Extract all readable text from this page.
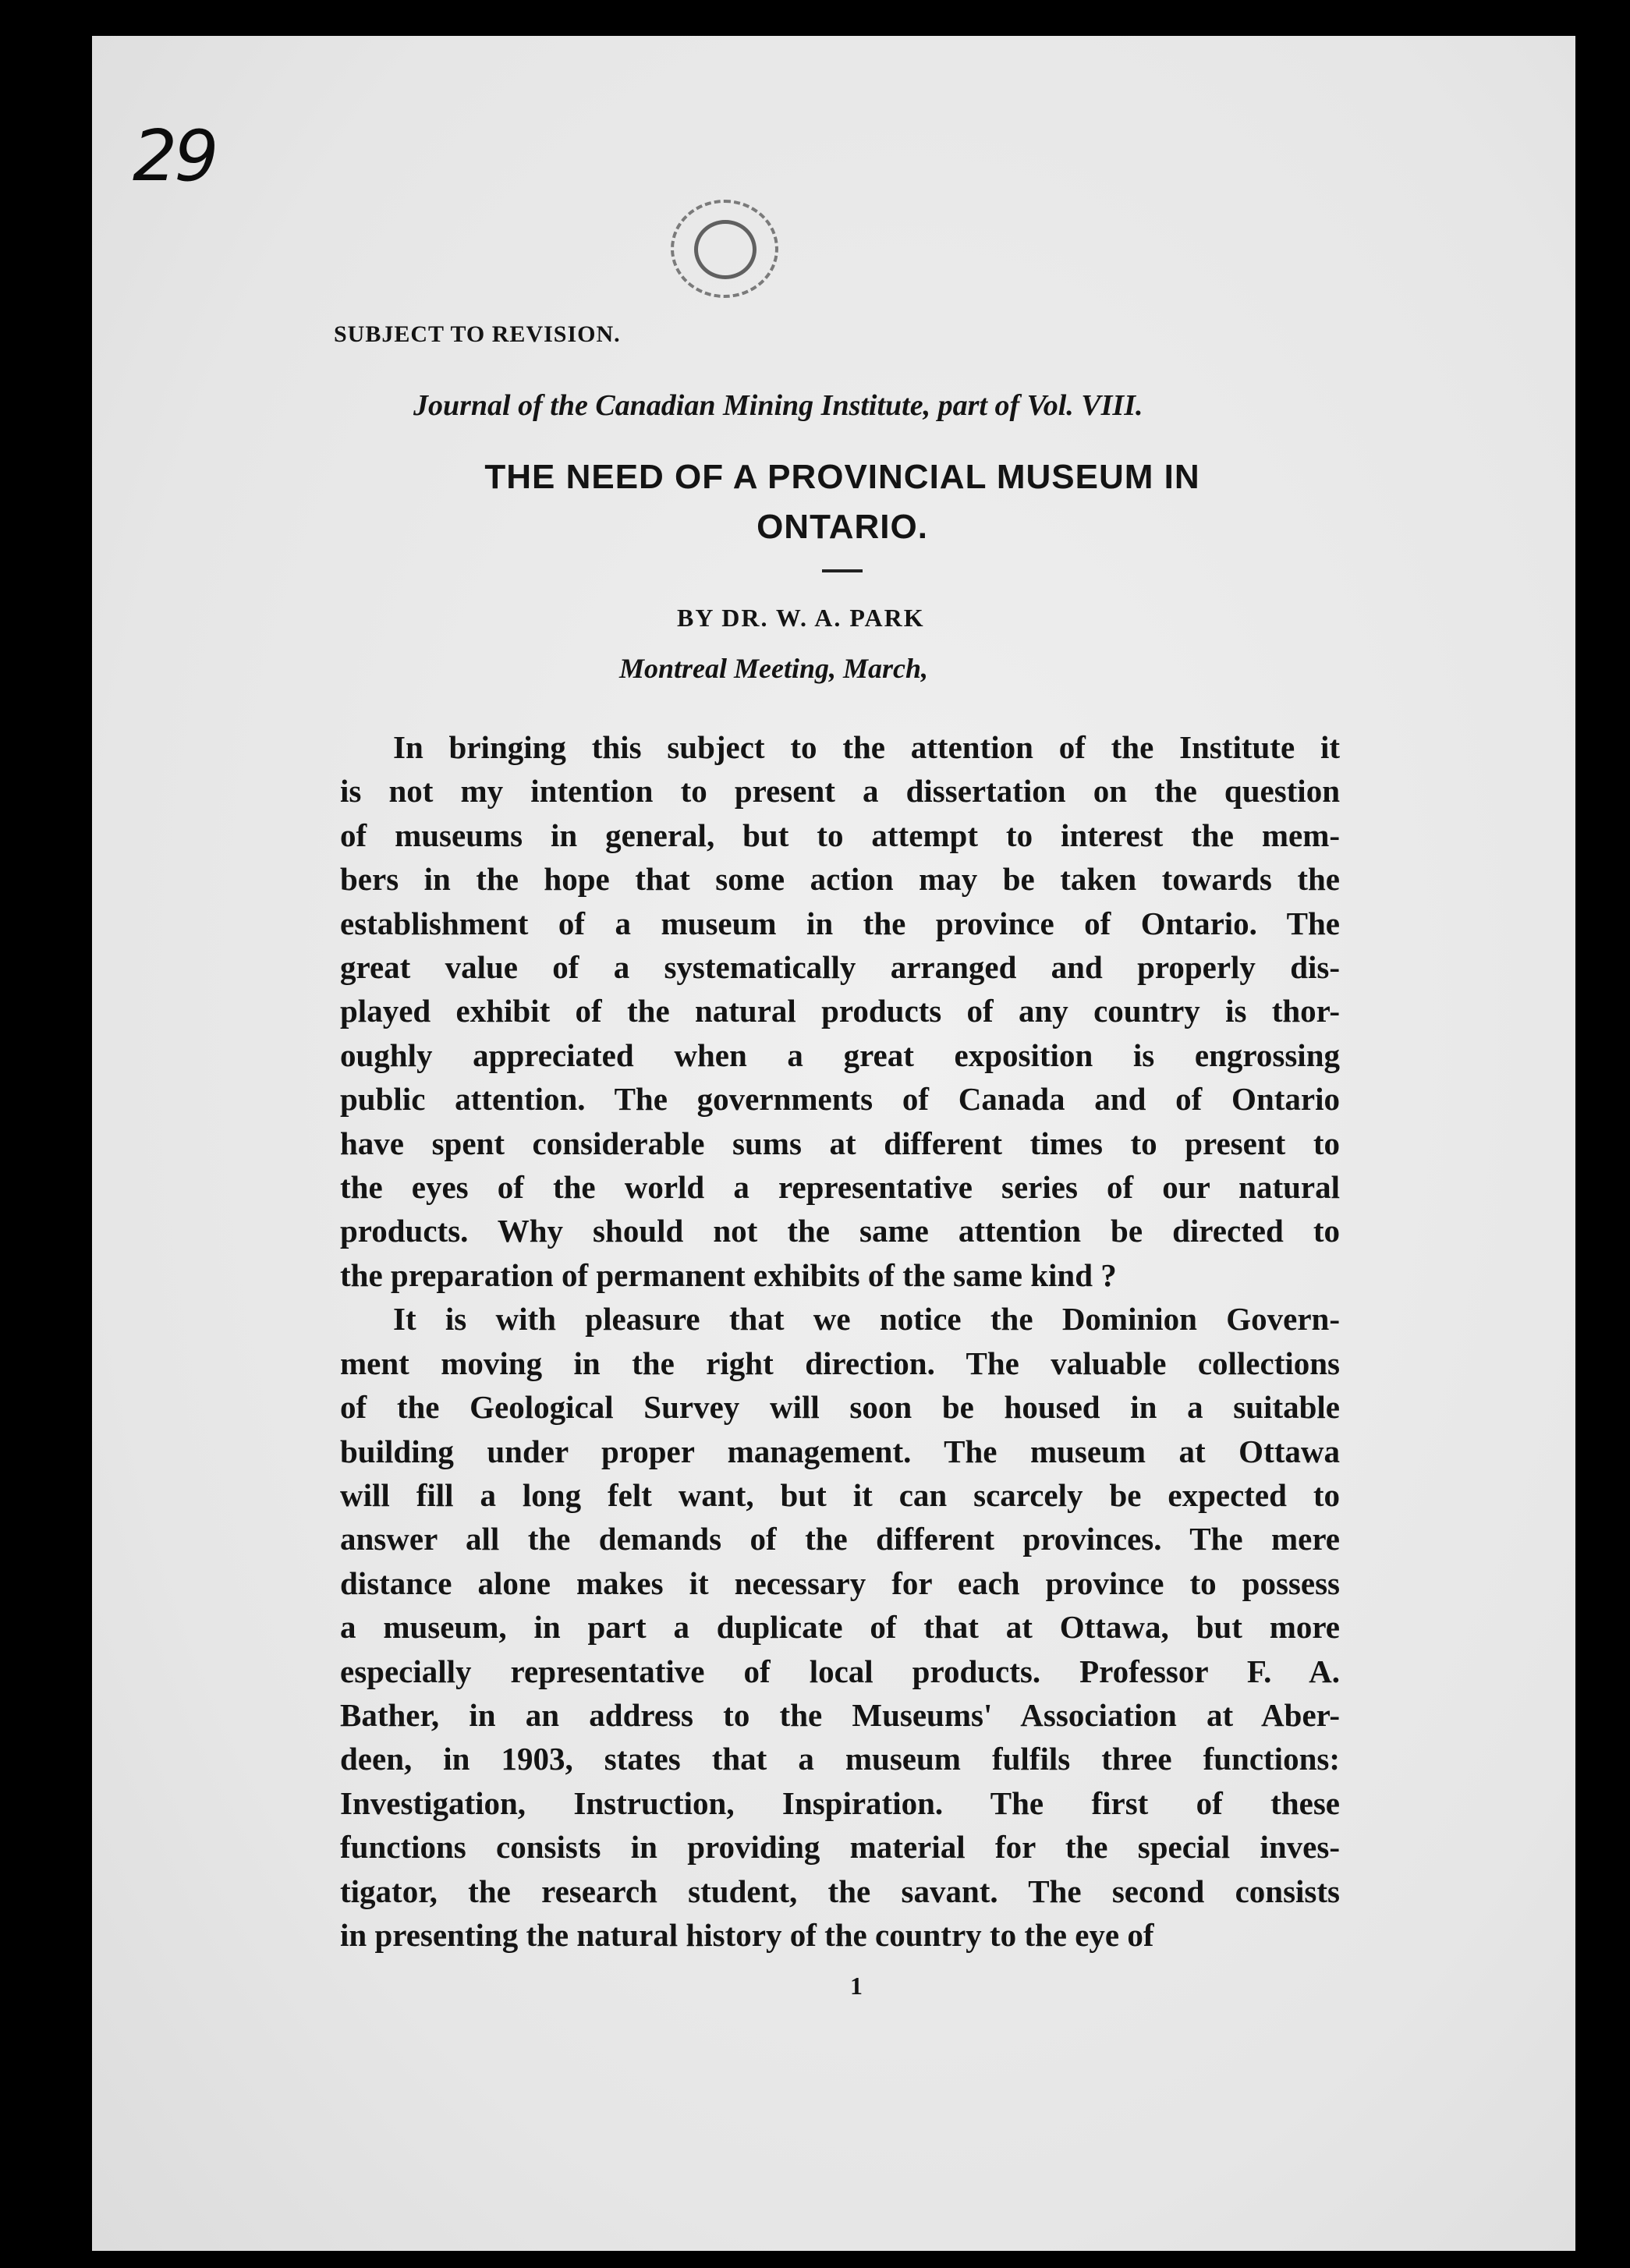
29
SUBJECT TO REVISION.
Journal of the Canadian Mining Institute, part of Vol. VIII.
THE NEED OF A PROVINCIAL MUSEUM IN
ONTARIO.
BY DR. W. A. PARK
Montreal Meeting, March,
In bringing this subject to the attention of the Institute it
is not my intention to present a dissertation on the question
of museums in general, but to attempt to interest the mem-
bers in the hope that some action may be taken towards the
establishment of a museum in the province of Ontario. The
great value of a systematically arranged and properly dis-
played exhibit of the natural products of any country is thor-
oughly appreciated when a great exposition is engrossing
public attention. The governments of Canada and of Ontario
have spent considerable sums at different times to present to
the eyes of the world a representative series of our natural
products. Why should not the same attention be directed to
the preparation of permanent exhibits of the same kind ?
It is with pleasure that we notice the Dominion Govern-
ment moving in the right direction. The valuable collections
of the Geological Survey will soon be housed in a suitable
building under proper management. The museum at Ottawa
will fill a long felt want, but it can scarcely be expected to
answer all the demands of the different provinces. The mere
distance alone makes it necessary for each province to possess
a museum, in part a duplicate of that at Ottawa, but more
especially representative of local products. Professor F. A.
Bather, in an address to the Museums' Association at Aber-
deen, in 1903, states that a museum fulfils three functions:
Investigation, Instruction, Inspiration. The first of these
functions consists in providing material for the special inves-
tigator, the research student, the savant. The second consists
in presenting the natural history of the country to the eye of
1
